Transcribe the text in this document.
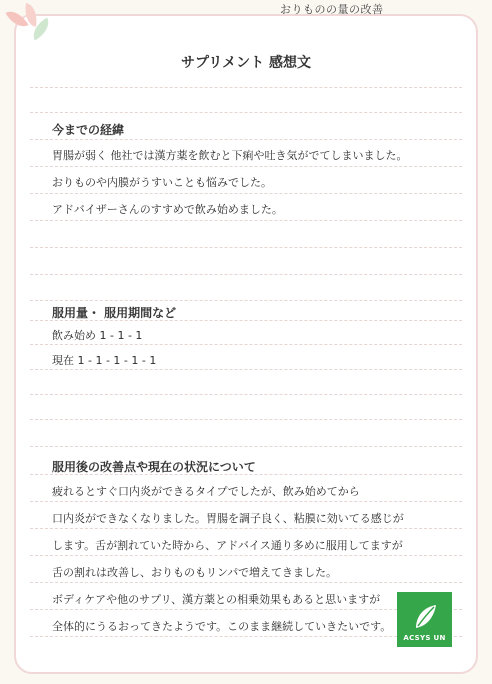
おりものの量の改善
サプリメント 感想文
今までの経緯
胃腸が弱く 他社では漢方薬を飲むと下痢や吐き気がでてしまいました。
おりものや内膜がうすいことも悩みでした。
アドバイザーさんのすすめで飲み始めました。
服用量・ 服用期間など
飲み始め 1 - 1 - 1
現在 1 - 1 - 1 - 1 - 1
服用後の改善点や現在の状況について
疲れるとすぐ口内炎ができるタイプでしたが、飲み始めてから
口内炎ができなくなりました。胃腸を調子良く、粘膜に効いてる感じが
します。舌が割れていた時から、アドバイス通り多めに服用してますが
舌の割れは改善し、おりものもリンパで増えてきました。
ボディケアや他のサプリ、漢方薬との相乗効果もあると思いますが
全体的にうるおってきたようです。このまま継続していきたいです。
ACSYS UN
